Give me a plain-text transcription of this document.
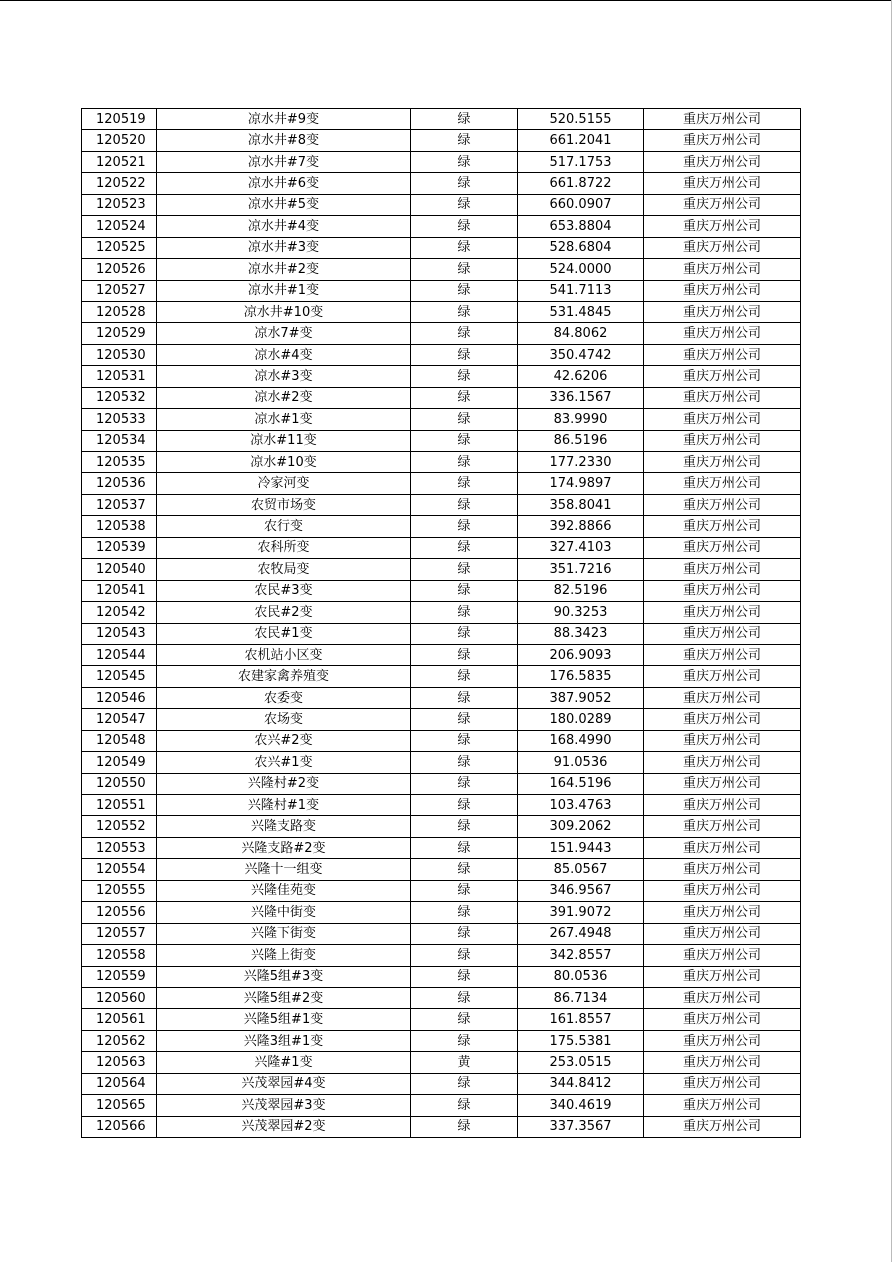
120519	凉水井#9变	绿	520.5155	重庆万州公司
120520	凉水井#8变	绿	661.2041	重庆万州公司
120521	凉水井#7变	绿	517.1753	重庆万州公司
120522	凉水井#6变	绿	661.8722	重庆万州公司
120523	凉水井#5变	绿	660.0907	重庆万州公司
120524	凉水井#4变	绿	653.8804	重庆万州公司
120525	凉水井#3变	绿	528.6804	重庆万州公司
120526	凉水井#2变	绿	524.0000	重庆万州公司
120527	凉水井#1变	绿	541.7113	重庆万州公司
120528	凉水井#10变	绿	531.4845	重庆万州公司
120529	凉水7#变	绿	84.8062	重庆万州公司
120530	凉水#4变	绿	350.4742	重庆万州公司
120531	凉水#3变	绿	42.6206	重庆万州公司
120532	凉水#2变	绿	336.1567	重庆万州公司
120533	凉水#1变	绿	83.9990	重庆万州公司
120534	凉水#11变	绿	86.5196	重庆万州公司
120535	凉水#10变	绿	177.2330	重庆万州公司
120536	冷家河变	绿	174.9897	重庆万州公司
120537	农贸市场变	绿	358.8041	重庆万州公司
120538	农行变	绿	392.8866	重庆万州公司
120539	农科所变	绿	327.4103	重庆万州公司
120540	农牧局变	绿	351.7216	重庆万州公司
120541	农民#3变	绿	82.5196	重庆万州公司
120542	农民#2变	绿	90.3253	重庆万州公司
120543	农民#1变	绿	88.3423	重庆万州公司
120544	农机站小区变	绿	206.9093	重庆万州公司
120545	农建家禽养殖变	绿	176.5835	重庆万州公司
120546	农委变	绿	387.9052	重庆万州公司
120547	农场变	绿	180.0289	重庆万州公司
120548	农兴#2变	绿	168.4990	重庆万州公司
120549	农兴#1变	绿	91.0536	重庆万州公司
120550	兴隆村#2变	绿	164.5196	重庆万州公司
120551	兴隆村#1变	绿	103.4763	重庆万州公司
120552	兴隆支路变	绿	309.2062	重庆万州公司
120553	兴隆支路#2变	绿	151.9443	重庆万州公司
120554	兴隆十一组变	绿	85.0567	重庆万州公司
120555	兴隆佳苑变	绿	346.9567	重庆万州公司
120556	兴隆中街变	绿	391.9072	重庆万州公司
120557	兴隆下街变	绿	267.4948	重庆万州公司
120558	兴隆上街变	绿	342.8557	重庆万州公司
120559	兴隆5组#3变	绿	80.0536	重庆万州公司
120560	兴隆5组#2变	绿	86.7134	重庆万州公司
120561	兴隆5组#1变	绿	161.8557	重庆万州公司
120562	兴隆3组#1变	绿	175.5381	重庆万州公司
120563	兴隆#1变	黄	253.0515	重庆万州公司
120564	兴茂翠园#4变	绿	344.8412	重庆万州公司
120565	兴茂翠园#3变	绿	340.4619	重庆万州公司
120566	兴茂翠园#2变	绿	337.3567	重庆万州公司
